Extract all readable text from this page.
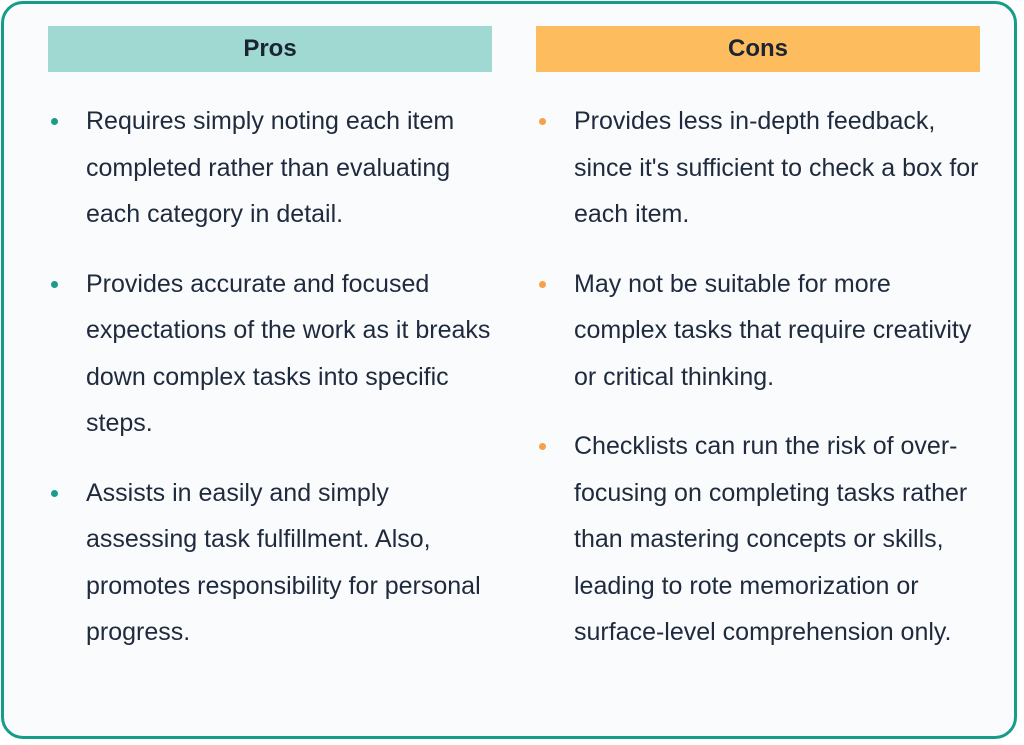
Pros
Requires simply noting each item completed rather than evaluating each category in detail.
Provides accurate and focused expectations of the work as it breaks down complex tasks into specific steps.
Assists in easily and simply assessing task fulfillment. Also, promotes responsibility for personal progress.
Cons
Provides less in-depth feedback, since it's sufficient to check a box for each item.
May not be suitable for more complex tasks that require creativity or critical thinking.
Checklists can run the risk of over-focusing on completing tasks rather than mastering concepts or skills, leading to rote memorization or surface-level comprehension only.
